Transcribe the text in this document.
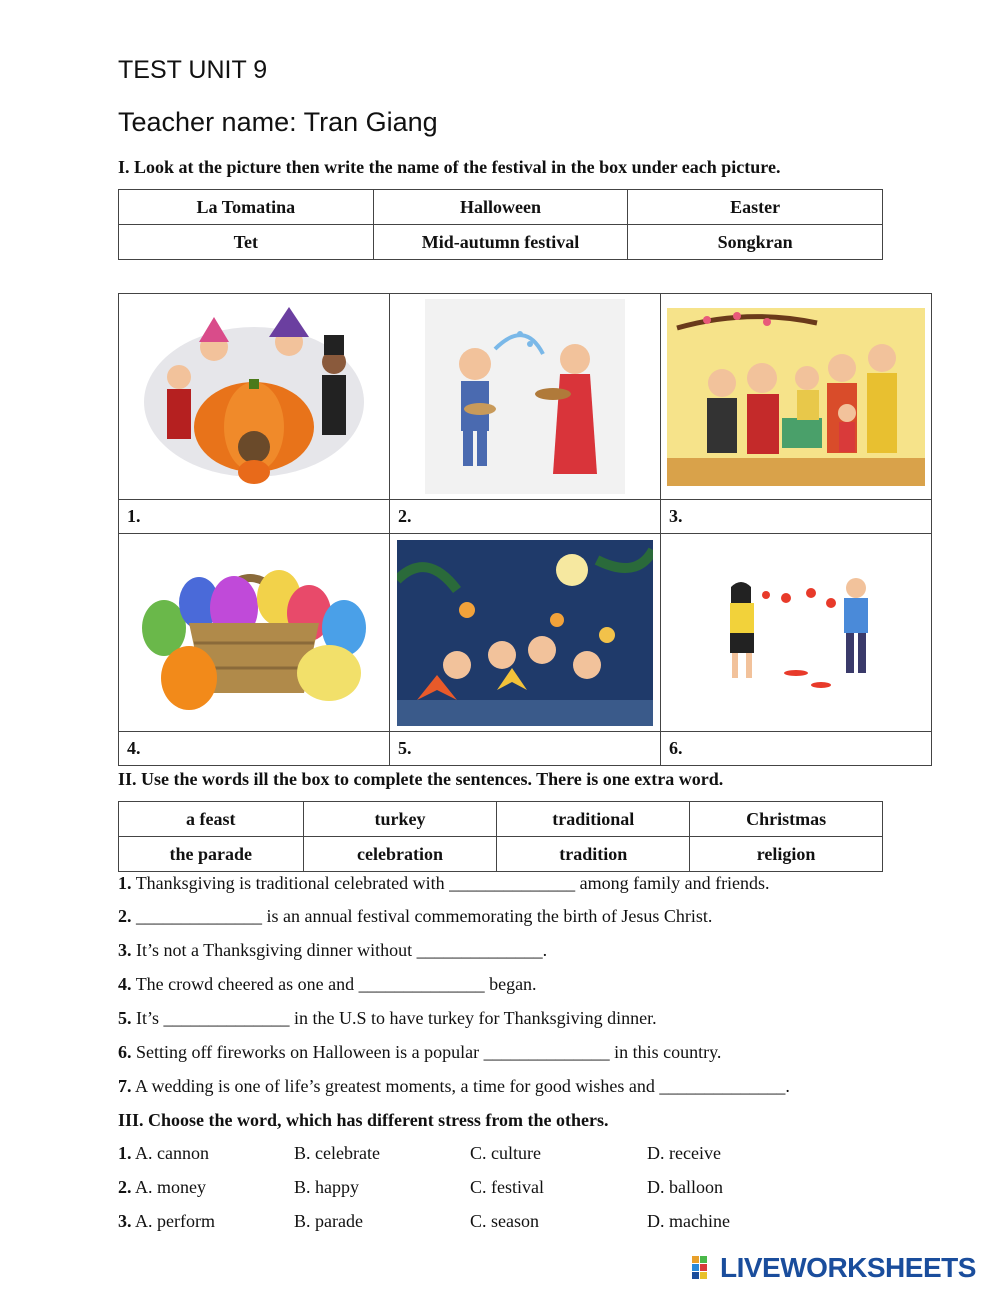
TEST UNIT 9
Teacher name: Tran Giang

I. Look at the picture then write the name of the festival in the box under each picture.

La Tomatina	Halloween	Easter
Tet	Mid-autumn festival	Songkran

1.	2.	3.

4.	5.	6.

II. Use the words ill the box to complete the sentences. There is one extra word.

a feast	turkey	traditional	Christmas
the parade	celebration	tradition	religion

1. Thanksgiving is traditional celebrated with ______________ among family and friends.

2. ______________ is an annual festival commemorating the birth of Jesus Christ.

3. It’s not a Thanksgiving dinner without ______________.

4. The crowd cheered as one and ______________ began.

5. It’s ______________ in the U.S to have turkey for Thanksgiving dinner.

6. Setting off fireworks on Halloween is a popular ______________ in this country.

7. A wedding is one of life’s greatest moments, a time for good wishes and ______________.

III. Choose the word, which has different stress from the others.

1. A. cannon	B. celebrate	C. culture	D. receive
2. A. money	B. happy	C. festival	D. balloon
3. A. perform	B. parade	C. season	D. machine
LIVEWORKSHEETS
